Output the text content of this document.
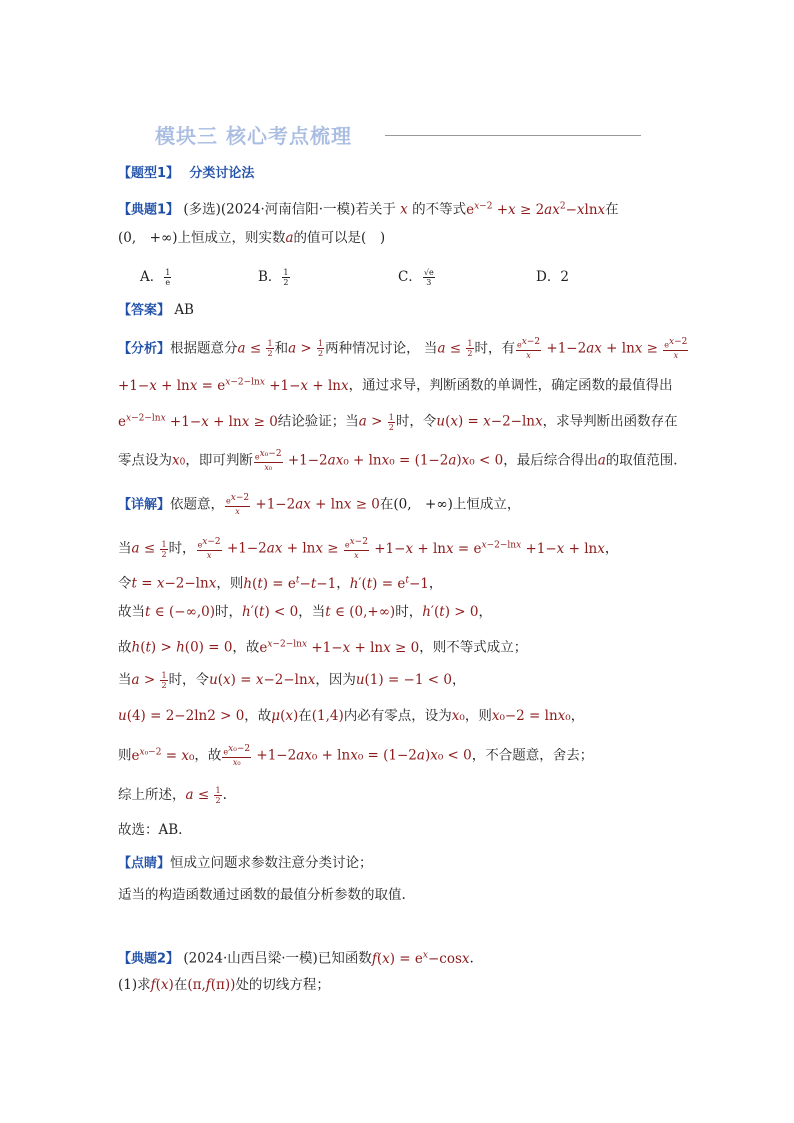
模块三 核心考点梳理
【题型1】 分类讨论法
【典题1】 (多选)(2024·河南信阳·一模)若关于 x 的不等式$e^{x-2} +x \ge 2ax^2-xlnx$在
(0,　+∞)上恒成立，则实数a的值可以是(　)
A． $\frac{1}{e}$	B． $\frac{1}{2}$	C． $\frac{√e}{3}$	D．2
【答案】 AB
【分析】根据题意分$a \le \frac{1}{2}$ 和$a > \frac{1}{2}$ 两种情况讨论， 当$a \le \frac{1}{2}$ 时，有 $\frac{e^{x-2}}{x} +1-2ax + \ln x \ge \frac{e^{x-2}}{x}$
$+1-x + \ln x = e^{x-2-lnx} +1-x + \ln x$，通过求导，判断函数的单调性，确定函数的最值得出
$e^{x-2-lnx} +1-x + \ln x \ge 0$结论验证；当$a > \frac{1}{2}$ 时，令u(x) = x−2−lnx，求导判断出函数存在
零点设为x0，即可判断 $\frac{e^{x_0-2}}{\text{x₀}} +1-2ax_0 + \ln x_0 = (1-2a)x_0 < 0$，最后综合得出a的取值范围.
【详解】依题意， $\frac{e^{x-2}}{x} +1-2ax + \ln x \ge 0$在(0,　+∞)上恒成立，
当$a \le \frac{1}{2}$ 时， $\frac{e^{x-2}}{x} +1-2ax + \ln x \ge \frac{e^{x-2}}{x} +1-x + \ln x = e^{x-2-lnx} +1-x + \ln x$，
令t = x−2−lnx，则$h(t) = e^t-t-1$，$h'(t) = e^t-1$，
故当t ∈ (−∞,0)时，h′(t) < 0，当t ∈ (0,+∞)时，h′(t) > 0，
故h(t) > h(0) = 0，故$e^{x-2-lnx} +1-x + \ln x \ge 0$，则不等式成立；
当$a > \frac{1}{2}$ 时，令u(x) = x−2−lnx，因为u(1) = −1 < 0，
u(4) = 2−2ln2 > 0，故μ(x)在(1,4)内必有零点，设为x₀，则x₀−2 = lnx₀，
则$e^{x_0-2} = x_0$，故 $\frac{e^{x_0-2}}{\text{x₀}} +1-2ax_0 + \ln x_0 = (1-2a)x_0 < 0$，不合题意，舍去；
综上所述，$a \le \frac{1}{2}$ .
故选：AB.
【点睛】恒成立问题求参数注意分类讨论；
适当的构造函数通过函数的最值分析参数的取值.
【典题2】 (2024·山西吕梁·一模)已知函数$f(x) = e^x-\cos x$.
(1)求f(x)在(π,f(π))处的切线方程；
